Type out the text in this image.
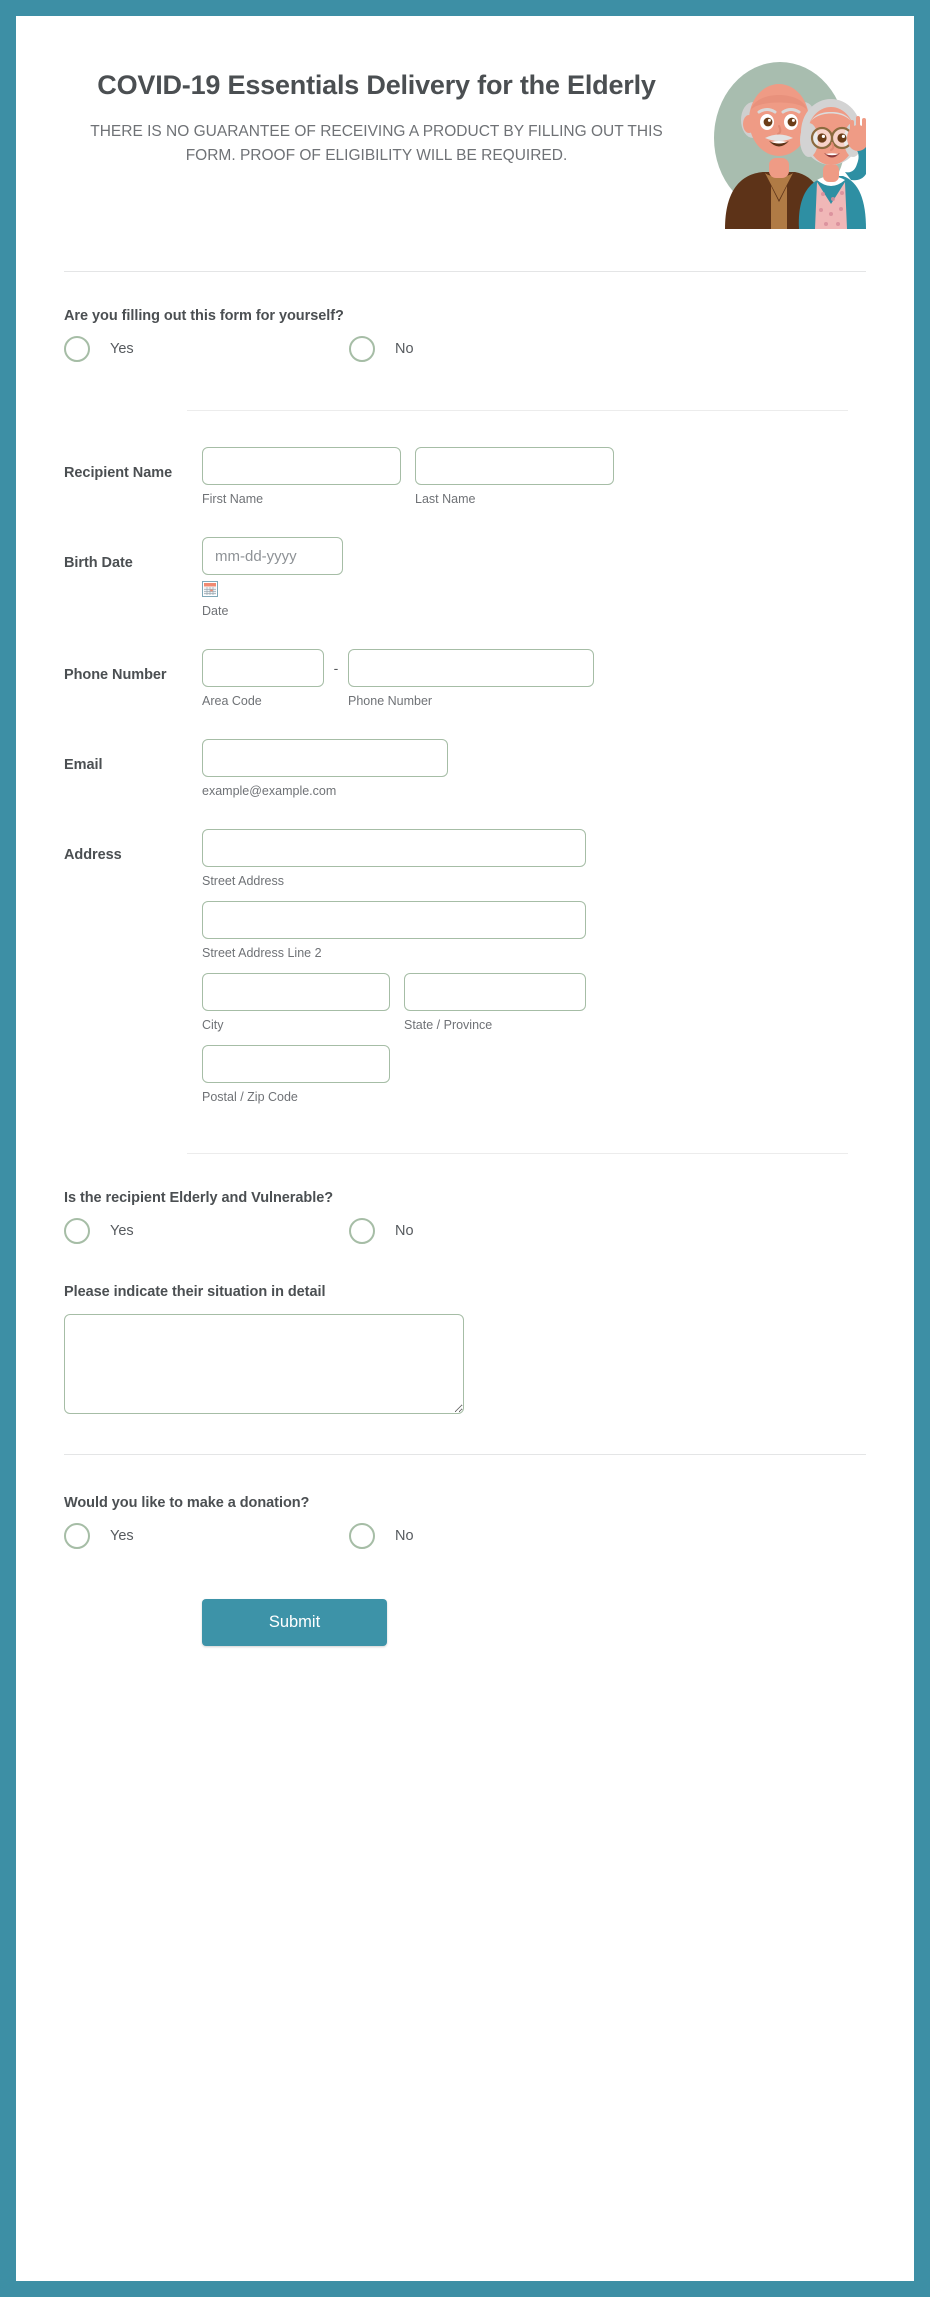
COVID-19 Essentials Delivery for the Elderly
THERE IS NO GUARANTEE OF RECEIVING A PRODUCT BY FILLING OUT THIS FORM. PROOF OF ELIGIBILITY WILL BE REQUIRED.
Are you filling out this form for yourself?
Yes	No
Recipient Name
First Name	Last Name
Birth Date
mm-dd-yyyy
Date
Phone Number
Area Code
-
Phone Number
Email
example@example.com
Address
Street Address
Street Address Line 2
City	State / Province
Postal / Zip Code
Is the recipient Elderly and Vulnerable?
Yes	No
Please indicate their situation in detail
Would you like to make a donation?
Yes	No
Submit
